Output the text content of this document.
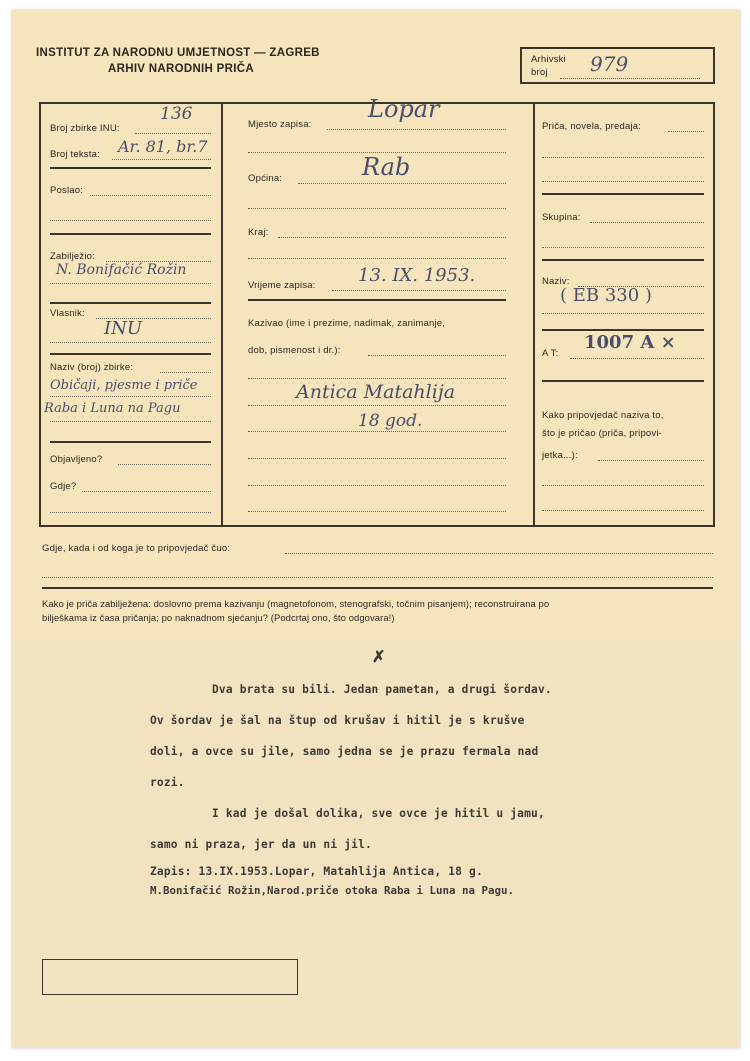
INSTITUT ZA NARODNU UMJETNOST — ZAGREB
ARHIV NARODNIH PRIČA
Arhivski
broj 979
Broj zbirke INU:
136
Broj teksta: Ar. 81, br.7
Poslao:
Zabilježio:
N. Bonifačić Rožin
Vlasnik:
INU
Naziv (broj) zbirke:
Običaji, pjesme i priče
Raba i Luna na Pagu
Objavljeno?
Gdje?
Mjesto zapisa:
Lopar
Općina:	Rab
Kraj:
Vrijeme zapisa: 13. IX. 1953.
Kazivao (ime i prezime, nadimak, zanimanje,
dob, pismenost i dr.):
Antica Matahlija
18 god.
Priča, novela, predaja:
Skupina:
Naziv:
( EB 330 )
A T:
1007 A ×
Kako pripovjedač naziva to,
što je pričao (priča, pripovi-
jetka...):
Gdje, kada i od koga je to pripovjedač čuo:
Kako je priča zabilježena: doslovno prema kazivanju (magnetofonom, stenografski, točnim pisanjem); reconstruirana po
bilješkama iz časa pričanja; po naknadnom sjećanju? (Podcrtaj ono, što odgovara!)
✗
Dva brata su bili. Jedan pametan, a drugi šordav.
Ov šordav je šal na štup od krušav i hitil je s krušve
doli, a ovce su jile, samo jedna se je prazu fermala nad
rozi.
I kad je došal dolika, sve ovce je hitil u jamu,
samo ni praza, jer da un ni jil.
Zapis: 13.IX.1953.Lopar, Matahlija Antica, 18 g.
M.Bonifačić Rožin,Narod.priče otoka Raba i Luna na Pagu.
